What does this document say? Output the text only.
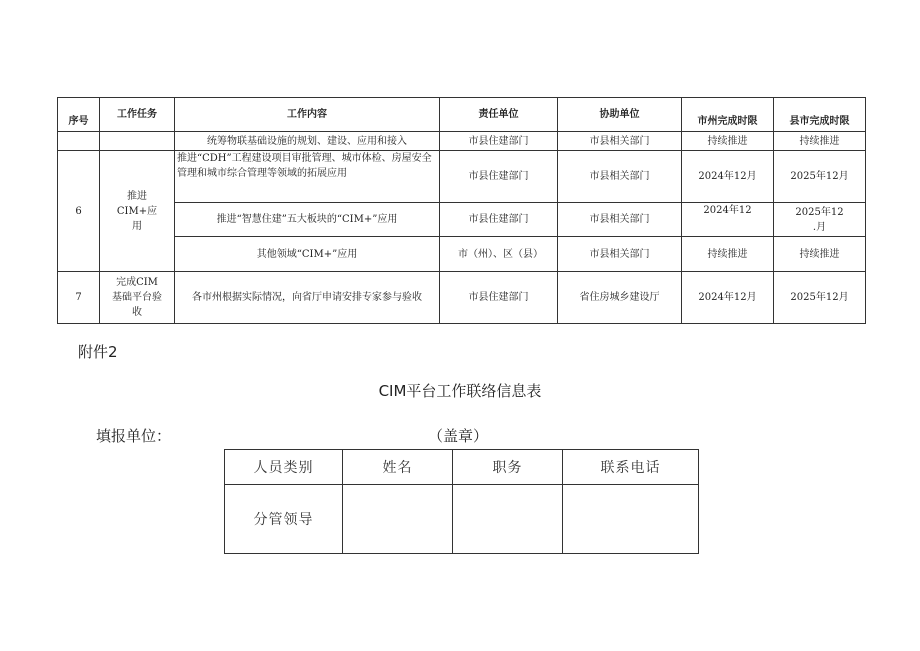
序号	工作任务	工作内容	责任单位	协助单位	市州完成时限	县市完成时限
		统筹物联基础设施的规划、建设、应用和接入	市县住建部门	市县相关部门	持续推进	持续推进
6	推进CIM+应用	推进“CDH”工程建设项目审批管理、城市体检、房屋安全管理和城市综合管理等领域的拓展应用	市县住建部门	市县相关部门	2024年12月	2025年12月
		推进“智慧住建”五大板块的“CIM+”应用	市县住建部门	市县相关部门	2024年12	2025年12 .月
		其他领域“CIM+”应用	市（州）、区（县）	市县相关部门	持续推进	持续推进
7	完成CIM基础平台验收	各市州根据实际情况，向省厅申请安排专家参与验收	市县住建部门	省住房城乡建设厅	2024年12月	2025年12月
附件2
CIM平台工作联络信息表
填报单位：	（盖章）
人员类别	姓名	职务	联系电话
分管领导			
